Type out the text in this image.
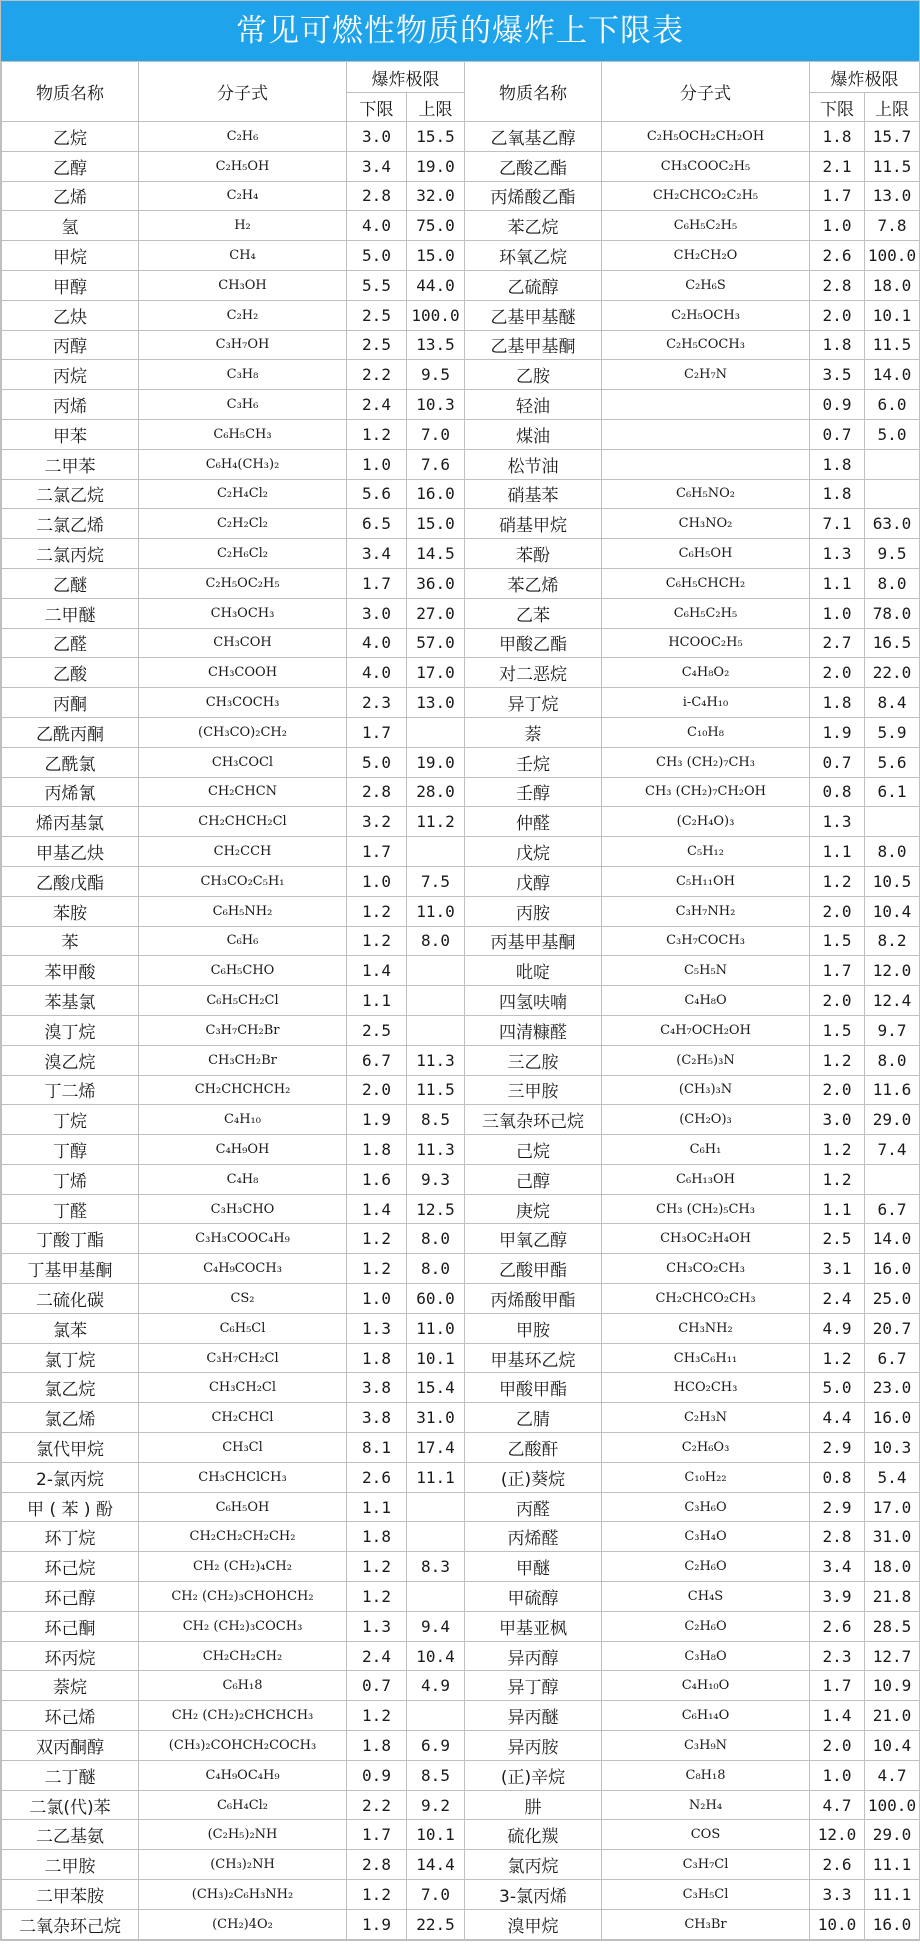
常见可燃性物质的爆炸上下限表
物质名称	分子式	爆炸极限		物质名称	分子式	爆炸极限	
		下限	上限			下限	上限
乙烷	C₂H₆	3.0	15.5	乙氧基乙醇	C₂H₅OCH₂CH₂OH	1.8	15.7
乙醇	C₂H₅OH	3.4	19.0	乙酸乙酯	CH₃COOC₂H₅	2.1	11.5
乙烯	C₂H₄	2.8	32.0	丙烯酸乙酯	CH₂CHCO₂C₂H₅	1.7	13.0
氢	H₂	4.0	75.0	苯乙烷	C₆H₅C₂H₅	1.0	7.8
甲烷	CH₄	5.0	15.0	环氧乙烷	CH₂CH₂O	2.6	100.0
甲醇	CH₃OH	5.5	44.0	乙硫醇	C₂H₆S	2.8	18.0
乙炔	C₂H₂	2.5	100.0	乙基甲基醚	C₂H₅OCH₃	2.0	10.1
丙醇	C₃H₇OH	2.5	13.5	乙基甲基酮	C₂H₅COCH₃	1.8	11.5
丙烷	C₃H₈	2.2	9.5	乙胺	C₂H₇N	3.5	14.0
丙烯	C₃H₆	2.4	10.3	轻油		0.9	6.0
甲苯	C₆H₅CH₃	1.2	7.0	煤油		0.7	5.0
二甲苯	C₆H₄(CH₃)₂	1.0	7.6	松节油		1.8	
二氯乙烷	C₂H₄Cl₂	5.6	16.0	硝基苯	C₆H₅NO₂	1.8	
二氯乙烯	C₂H₂Cl₂	6.5	15.0	硝基甲烷	CH₃NO₂	7.1	63.0
二氯丙烷	C₂H₆Cl₂	3.4	14.5	苯酚	C₆H₅OH	1.3	9.5
乙醚	C₂H₅OC₂H₅	1.7	36.0	苯乙烯	C₆H₅CHCH₂	1.1	8.0
二甲醚	CH₃OCH₃	3.0	27.0	乙苯	C₆H₅C₂H₅	1.0	78.0
乙醛	CH₃COH	4.0	57.0	甲酸乙酯	HCOOC₂H₅	2.7	16.5
乙酸	CH₃COOH	4.0	17.0	对二恶烷	C₄H₈O₂	2.0	22.0
丙酮	CH₃COCH₃	2.3	13.0	异丁烷	i-C₄H₁₀	1.8	8.4
乙酰丙酮	(CH₃CO)₂CH₂	1.7		萘	C₁₀H₈	1.9	5.9
乙酰氯	CH₃COCl	5.0	19.0	壬烷	CH₃ (CH₂)₇CH₃	0.7	5.6
丙烯氰	CH₂CHCN	2.8	28.0	壬醇	CH₃ (CH₂)₇CH₂OH	0.8	6.1
烯丙基氯	CH₂CHCH₂Cl	3.2	11.2	仲醛	(C₂H₄O)₃	1.3	
甲基乙炔	CH₂CCH	1.7		戊烷	C₅H₁₂	1.1	8.0
乙酸戊酯	CH₃CO₂C₅H₁	1.0	7.5	戊醇	C₅H₁₁OH	1.2	10.5
苯胺	C₆H₅NH₂	1.2	11.0	丙胺	C₃H₇NH₂	2.0	10.4
苯	C₆H₆	1.2	8.0	丙基甲基酮	C₃H₇COCH₃	1.5	8.2
苯甲酸	C₆H₅CHO	1.4		吡啶	C₅H₅N	1.7	12.0
苯基氯	C₆H₅CH₂Cl	1.1		四氢呋喃	C₄H₈O	2.0	12.4
溴丁烷	C₃H₇CH₂Br	2.5		四清糠醛	C₄H₇OCH₂OH	1.5	9.7
溴乙烷	CH₃CH₂Br	6.7	11.3	三乙胺	(C₂H₅)₃N	1.2	8.0
丁二烯	CH₂CHCHCH₂	2.0	11.5	三甲胺	(CH₃)₃N	2.0	11.6
丁烷	C₄H₁₀	1.9	8.5	三氧杂环己烷	(CH₂O)₃	3.0	29.0
丁醇	C₄H₉OH	1.8	11.3	己烷	C₆H₁	1.2	7.4
丁烯	C₄H₈	1.6	9.3	己醇	C₆H₁₃OH	1.2	
丁醛	C₃H₃CHO	1.4	12.5	庚烷	CH₃ (CH₂)₅CH₃	1.1	6.7
丁酸丁酯	C₃H₃COOC₄H₉	1.2	8.0	甲氧乙醇	CH₃OC₂H₄OH	2.5	14.0
丁基甲基酮	C₄H₉COCH₃	1.2	8.0	乙酸甲酯	CH₃CO₂CH₃	3.1	16.0
二硫化碳	CS₂	1.0	60.0	丙烯酸甲酯	CH₂CHCO₂CH₃	2.4	25.0
氯苯	C₆H₅Cl	1.3	11.0	甲胺	CH₃NH₂	4.9	20.7
氯丁烷	C₃H₇CH₂Cl	1.8	10.1	甲基环乙烷	CH₃C₆H₁₁	1.2	6.7
氯乙烷	CH₃CH₂Cl	3.8	15.4	甲酸甲酯	HCO₂CH₃	5.0	23.0
氯乙烯	CH₂CHCl	3.8	31.0	乙腈	C₂H₃N	4.4	16.0
氯代甲烷	CH₃Cl	8.1	17.4	乙酸酐	C₂H₆O₃	2.9	10.3
2-氯丙烷	CH₃CHClCH₃	2.6	11.1	(正)葵烷	C₁₀H₂₂	0.8	5.4
甲 ( 苯 ) 酚	C₆H₅OH	1.1		丙醛	C₃H₆O	2.9	17.0
环丁烷	CH₂CH₂CH₂CH₂	1.8		丙烯醛	C₃H₄O	2.8	31.0
环己烷	CH₂ (CH₂)₄CH₂	1.2	8.3	甲醚	C₂H₆O	3.4	18.0
环己醇	CH₂ (CH₂)₃CHOHCH₂	1.2		甲硫醇	CH₄S	3.9	21.8
环己酮	CH₂ (CH₂)₃COCH₃	1.3	9.4	甲基亚枫	C₂H₆O	2.6	28.5
环丙烷	CH₂CH₂CH₂	2.4	10.4	异丙醇	C₃H₈O	2.3	12.7
萘烷	C₆H₁8	0.7	4.9	异丁醇	C₄H₁₀O	1.7	10.9
环己烯	CH₂ (CH₂)₂CHCHCH₃	1.2		异丙醚	C₆H₁₄O	1.4	21.0
双丙酮醇	(CH₃)₂COHCH₂COCH₃	1.8	6.9	异丙胺	C₃H₉N	2.0	10.4
二丁醚	C₄H₉OC₄H₉	0.9	8.5	(正)辛烷	C₈H₁8	1.0	4.7
二氯(代)苯	C₆H₄Cl₂	2.2	9.2	肼	N₂H₄	4.7	100.0
二乙基氨	(C₂H₅)₂NH	1.7	10.1	硫化羰	COS	12.0	29.0
二甲胺	(CH₃)₂NH	2.8	14.4	氯丙烷	C₃H₇Cl	2.6	11.1
二甲苯胺	(CH₃)₂C₆H₃NH₂	1.2	7.0	3-氯丙烯	C₃H₅Cl	3.3	11.1
二氧杂环己烷	(CH₂)4O₂	1.9	22.5	溴甲烷	CH₃Br	10.0	16.0
